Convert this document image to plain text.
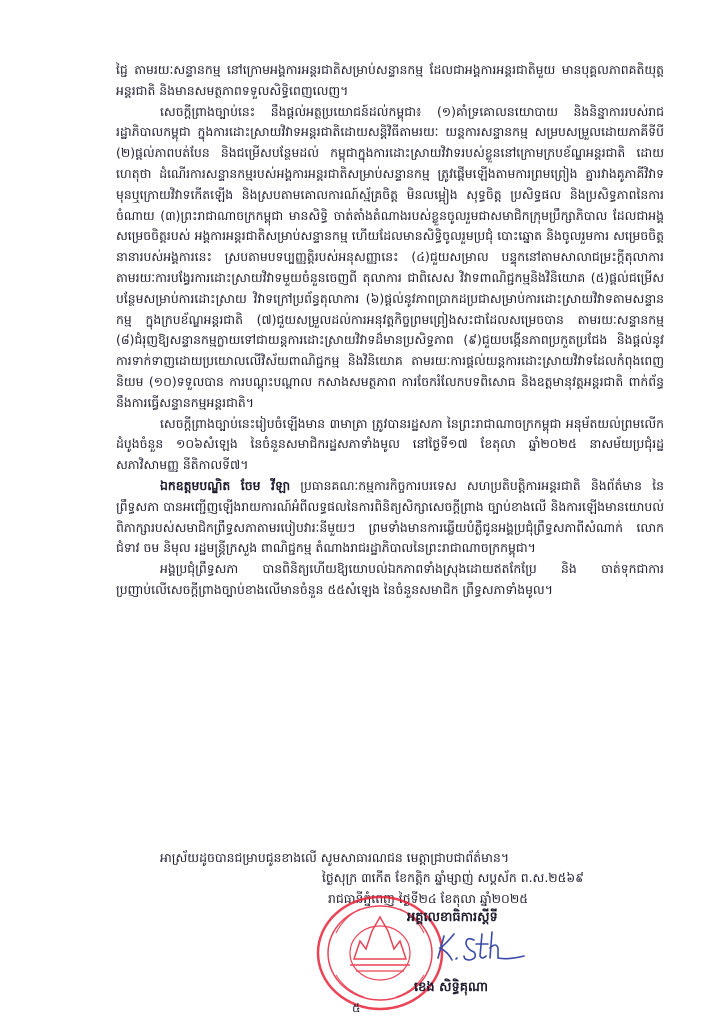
ជ្ជៃ តាមរយៈសន្ទានកម្ម នៅក្រោមអង្គការអន្តរជាតិសម្រាប់សន្ទានកម្ម ដែលជាអង្គការអន្តរជាតិមួយ មានបុគ្គលភាពគតិយុត្តអន្តរជាតិ និងមានសមត្ថភាពទទួលសិទ្ធិពេញលេញ។

សេចក្តីព្រាងច្បាប់នេះ នឹងផ្តល់អត្ថប្រយោជន៍ដល់កម្ពុជា៖ (១)គាំទ្រគោលនយោបាយ និងនិន្នាការរបស់រាជរដ្ឋាភិបាលកម្ពុជា ក្នុងការដោះស្រាយវិវាទអន្តរជាតិដោយសន្តិវិធីតាមរយៈ យន្តការសន្ទានកម្ម សម្របសម្រួលដោយភាគីទីបី (២)ផ្តល់ភាពបត់បែន និងជម្រើសបន្ថែមដល់ កម្ពុជាក្នុងការដោះស្រាយវិវាទរបស់ខ្លួននៅក្រោមក្របខ័ណ្ឌអន្តរជាតិ ដោយហេតុថា ដំណើរការសន្ទានកម្មរបស់អង្គការអន្តរជាតិសម្រាប់សន្ទានកម្ម ត្រូវផ្តើមឡើងតាមការព្រមព្រៀង គ្នារវាងគូភាគីវិវាទមុនឬក្រោយវិវាទកើតឡើង និងស្របតាមគោលការណ៍ស្ម័គ្រចិត្ត មិនលម្អៀង សុទ្ធចិត្ត ប្រសិទ្ធផល និងប្រសិទ្ធភាពនៃការចំណាយ (៣)ព្រះរាជាណាចក្រកម្ពុជា មានសិទ្ធិ ចាត់តាំងតំណាងរបស់ខ្លួនចូលរួមជាសមាជិកក្រុមប្រឹក្សាភិបាល ដែលជាអង្គសម្រេចចិត្តរបស់ អង្គការអន្តរជាតិសម្រាប់សន្ទានកម្ម ហើយដែលមានសិទ្ធិចូលរួមប្រជុំ បោះឆ្នោត និងចូលរួមការ សម្រេចចិត្តនានារបស់អង្គការនេះ ស្របតាមបទប្បញ្ញត្តិរបស់អនុសញ្ញានេះ (៤)ជួយសម្រាល បន្ទុកនៅតាមសាលាជម្រះក្តីតុលាការ តាមរយៈការបង្វែរការដោះស្រាយវិវាទមួយចំនួនចេញពី តុលាការ ជាពិសេស វិវាទពាណិជ្ជកម្មនិងវិនិយោគ (៥)ផ្តល់ជម្រើសបន្ថែមសម្រាប់ការដោះស្រាយ វិវាទក្រៅប្រព័ន្ធតុលាការ (៦)ផ្តល់នូវភាពប្រាកដប្រជាសម្រាប់ការដោះស្រាយវិវាទតាមសន្ទានកម្ម ក្នុងក្របខ័ណ្ឌអន្តរជាតិ (៧)ជួយសម្រួលដល់ការអនុវត្តកិច្ចព្រមព្រៀងសះជាដែលសម្រេចបាន តាមរយៈសន្ទានកម្ម (៨)ជំរុញឱ្យសន្ទានកម្មក្លាយទៅជាយន្តការដោះស្រាយវិវាទដ៏មានប្រសិទ្ធភាព (៩)ជួយបង្កើនភាពប្រកួតប្រជែង និងផ្តល់នូវការទាក់ទាញដោយប្រយោលលើវិស័យពាណិជ្ជកម្ម និងវិនិយោគ តាមរយៈការផ្តល់យន្តការដោះស្រាយវិវាទដែលកំពុងពេញនិយម (១០)ទទួលបាន ការបណ្តុះបណ្តាល កសាងសមត្ថភាព ការចែករំលែកបទពិសោធ និងឧត្តមានុវត្តអន្តរជាតិ ពាក់ព័ន្ធ នឹងការធ្វើសន្ទានកម្មអន្តរជាតិ។

សេចក្តីព្រាងច្បាប់នេះរៀបចំឡើងមាន ៣មាត្រា ត្រូវបានរដ្ឋសភា នៃព្រះរាជាណាចក្រកម្ពុជា អនុម័តយល់ព្រមលើកដំបូងចំនួន ១០៦សំឡេង នៃចំនួនសមាជិករដ្ឋសភាទាំងមូល នៅថ្ងៃទី១៧ ខែតុលា ឆ្នាំ២០២៥ នាសម័យប្រជុំរដ្ឋសភាវិសាមញ្ញ នីតិកាលទី៧។

ឯកឧត្តមបណ្ឌិត ចែម វីឡា ប្រធានគណៈកម្មការកិច្ចការបរទេស សហប្រតិបត្តិការអន្តរជាតិ និងព័ត៌មាន នៃព្រឹទ្ធសភា បានអញ្ជើញឡើងរាយការណ៍អំពីលទ្ធផលនៃការពិនិត្យសិក្សាសេចក្តីព្រាង ច្បាប់ខាងលើ និងការឡើងមានយោបល់ពិភាក្សារបស់សមាជិកព្រឹទ្ធសភាតាមរបៀបវារៈនីមួយៗ ព្រមទាំងមានការឆ្លើយបំភ្លឺជូនអង្គប្រជុំព្រឹទ្ធសភាពីសំណាក់ លោកជំទាវ ចម និមុល រដ្ឋមន្ត្រីក្រសួង ពាណិជ្ជកម្ម តំណាងរាជរដ្ឋាភិបាលនៃព្រះរាជាណាចក្រកម្ពុជា។

អង្គប្រជុំព្រឹទ្ធសភា បានពិនិត្យហើយឱ្យយោបល់ឯកភាពទាំងស្រុងដោយឥតកែប្រែ និង ចាត់ទុកជាការប្រញាប់លើសេចក្តីព្រាងច្បាប់ខាងលើមានចំនួន ៥៥សំឡេង នៃចំនួនសមាជិក ព្រឹទ្ធសភាទាំងមូល។

អាស្រ័យដូចបានជម្រាបជូនខាងលើ សូមសាធារណជន មេត្តាជ្រាបជាព័ត៌មាន។
ថ្ងៃសុក្រ ៣កើត ខែកត្តិក ឆ្នាំម្សាញ់ សប្តស័ក ព.ស.២៥៦៩
រាជធានីភ្នំពេញ ថ្ងៃទី២៤ ខែតុលា ឆ្នាំ២០២៥
អគ្គលេខាធិការស្តីទី
ខេង សិទ្ធិគុណា
៥
